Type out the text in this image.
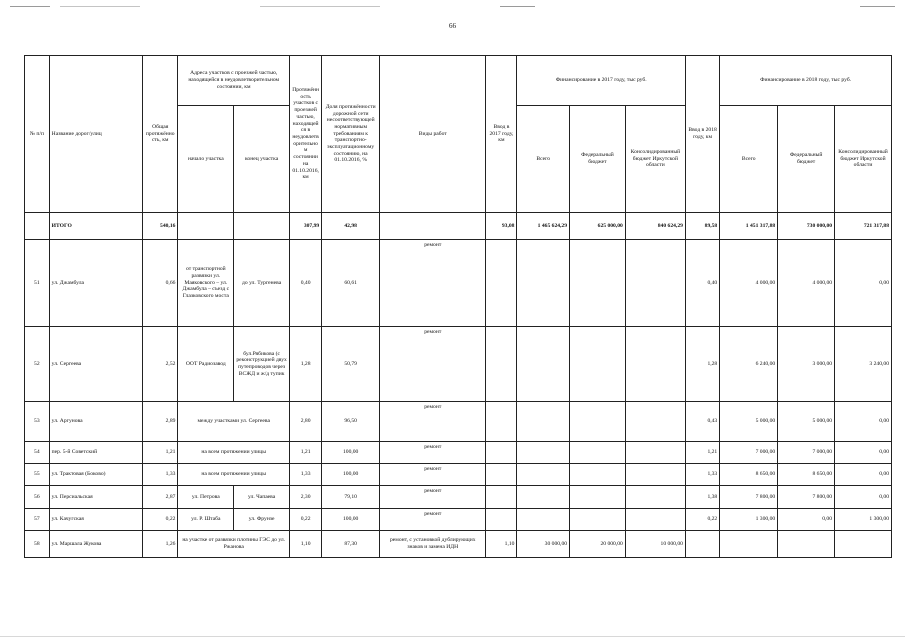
66
№ п/п	Название дорог/улиц	Общая протяжённость, км	Адреса участков с проезжей частью, находящейся в неудовлетворительном состоянии, км		Протяжённость участков с проезжей частью, находящейся в неудовлетворительном состоянии на 01.10.2016, км	Доля протяжённости дорожной сети несоответствующей нормативным требованиям к транспортно-эксплуатационному состоянию, на 01.10.2016, %	Виды работ	Ввод в 2017 году, км	Финансирование в 2017 году, тыс руб.			Ввод в 2018 году, км	Финансирование в 2018 году, тыс руб.		
			начало участка	конец участка					Всего	Федеральный бюджет	Консолидированный бюджет Иркутской области		Всего	Федеральный бюджет	Консолидированный бюджет Иркутской области
	ИТОГО	540,16			307,99	42,98		93,08	1 465 624,29	625 000,00	840 624,29	89,58	1 451 317,88	730 000,00	721 317,88
51	ул. Джамбула	0,66	от транспортной развязки ул. Маяковского – ул. Джамбула – съезд с Глазковского моста	до ул. Тургенева	0,40	60,61	ремонт					0,40	4 000,00	4 000,00	0,00
52	ул. Сергеева	2,52	ООТ Радиозавод	бул.Рябикова (с реконструкцией двух путепроводов через ВСЖД и ж/д тупик	1,28	50,79	ремонт					1,28	6 240,00	3 000,00	3 240,00
53	ул. Аргунова	2,89	между участками ул. Сергеева		2,80	96,50	ремонт					0,43	5 000,00	5 000,00	0,00
54	пер. 5-й Советский	1,21	на всем протяжении улицы		1,21	100,00	ремонт					1,21	7 000,00	7 000,00	0,00
55	ул. Трактовая (Боково)	1,33	на всем протяжении улицы		1,33	100,00	ремонт					1,33	8 650,00	8 650,00	0,00
56	ул. Персиальская	2,87	ул. Петрова	ул. Чапаева	2,30	79,10	ремонт					1,38	7 800,00	7 800,00	0,00
57	ул. Качугская	0,22	ул. Р. Штаба	ул. Фрунзе	0,22	100,00	ремонт					0,22	1 300,00	0,00	1 300,00
58	ул. Маршала Жукова	1,26	на участке от развязки плотины ГЭС до ул. Ржанова		1,10	87,30	ремонт, с установкой дублирующих знаков и замена ИДН	1,10	30 000,00	20 000,00	10 000,00				
